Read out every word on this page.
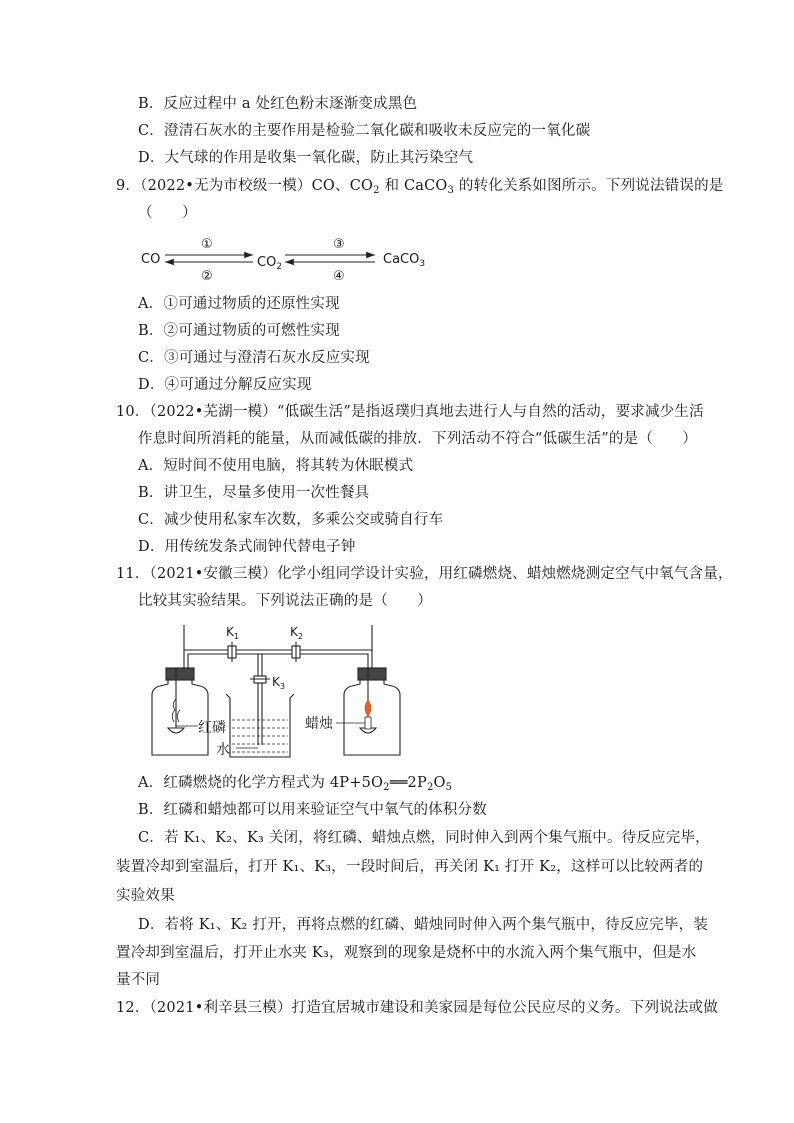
B．反应过程中 a 处红色粉末逐渐变成黑色
C．澄清石灰水的主要作用是检验二氧化碳和吸收未反应完的一氧化碳
D．大气球的作用是收集一氧化碳，防止其污染空气
9．（2022•无为市校级一模）CO、$CO_2$ 和 CaCO$_3$ 的转化关系如图所示。下列说法错误的是
（　　）
CO
①
②
$CO_2$
③
④
CaCO$_3$
A．①可通过物质的还原性实现
B．②可通过物质的可燃性实现
C．③可通过与澄清石灰水反应实现
D．④可通过分解反应实现
10．（2022•芜湖一模）“低碳生活”是指返璞归真地去进行人与自然的活动，要求减少生活
作息时间所消耗的能量，从而减低碳的排放．下列活动不符合“低碳生活”的是（　　）
A．短时间不使用电脑，将其转为休眠模式
B．讲卫生，尽量多使用一次性餐具
C．减少使用私家车次数，多乘公交或骑自行车
D．用传统发条式闹钟代替电子钟
11．（2021•安徽三模）化学小组同学设计实验，用红磷燃烧、蜡烛燃烧测定空气中氧气含量，
比较其实验结果。下列说法正确的是（　　）
$K_1$	$K_2$
$K_3$
红磷	蜡烛
水
A．红磷燃烧的化学方程式为 $4P+5O_2══2P_2O_5$
B．红磷和蜡烛都可以用来验证空气中氧气的体积分数
C．若 K₁、K₂、K₃ 关闭，将红磷、蜡烛点燃，同时伸入到两个集气瓶中。待反应完毕，
装置冷却到室温后，打开 K₁、K₃，一段时间后，再关闭 K₁ 打开 K₂，这样可以比较两者的
实验效果
D．若将 K₁、K₂ 打开，再将点燃的红磷、蜡烛同时伸入两个集气瓶中，待反应完毕，装
置冷却到室温后，打开止水夹 K₃，观察到的现象是烧杯中的水流入两个集气瓶中，但是水
量不同
12．（2021•利辛县三模）打造宜居城市建设和美家园是每位公民应尽的义务。下列说法或做
